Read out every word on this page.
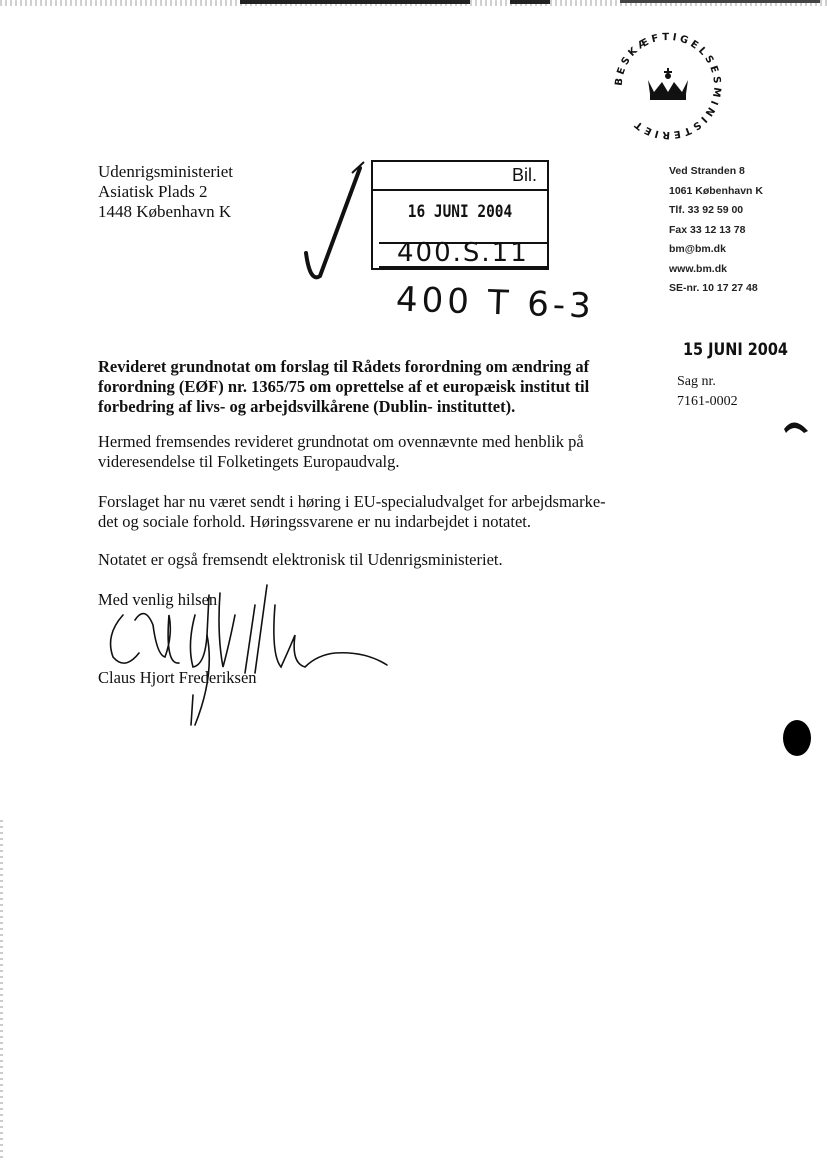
BESKÆFTIGELSESMINISTERIET
Udenrigsministeriet
Asiatisk Plads 2
1448 København K
Bil.
16 JUNI 2004
400.S.11
400 T 6-3
Ved Stranden 8
1061 København K
Tlf. 33 92 59 00
Fax 33 12 13 78
bm@bm.dk
www.bm.dk
SE-nr. 10 17 27 48
15 JUNI 2004
Sag nr.
7161-0002
Revideret grundnotat om forslag til Rådets forordning om ændring af
forordning (EØF) nr. 1365/75 om oprettelse af et europæisk institut til
forbedring af livs- og arbejdsvilkårene (Dublin- instituttet).
Hermed fremsendes revideret grundnotat om ovennævnte med henblik på
videresendelse til Folketingets Europaudvalg.
Forslaget har nu været sendt i høring i EU-specialudvalget for arbejdsmarke-
det og sociale forhold. Høringssvarene er nu indarbejdet i notatet.
Notatet er også fremsendt elektronisk til Udenrigsministeriet.
Med venlig hilsen
Claus Hjort Frederiksen
